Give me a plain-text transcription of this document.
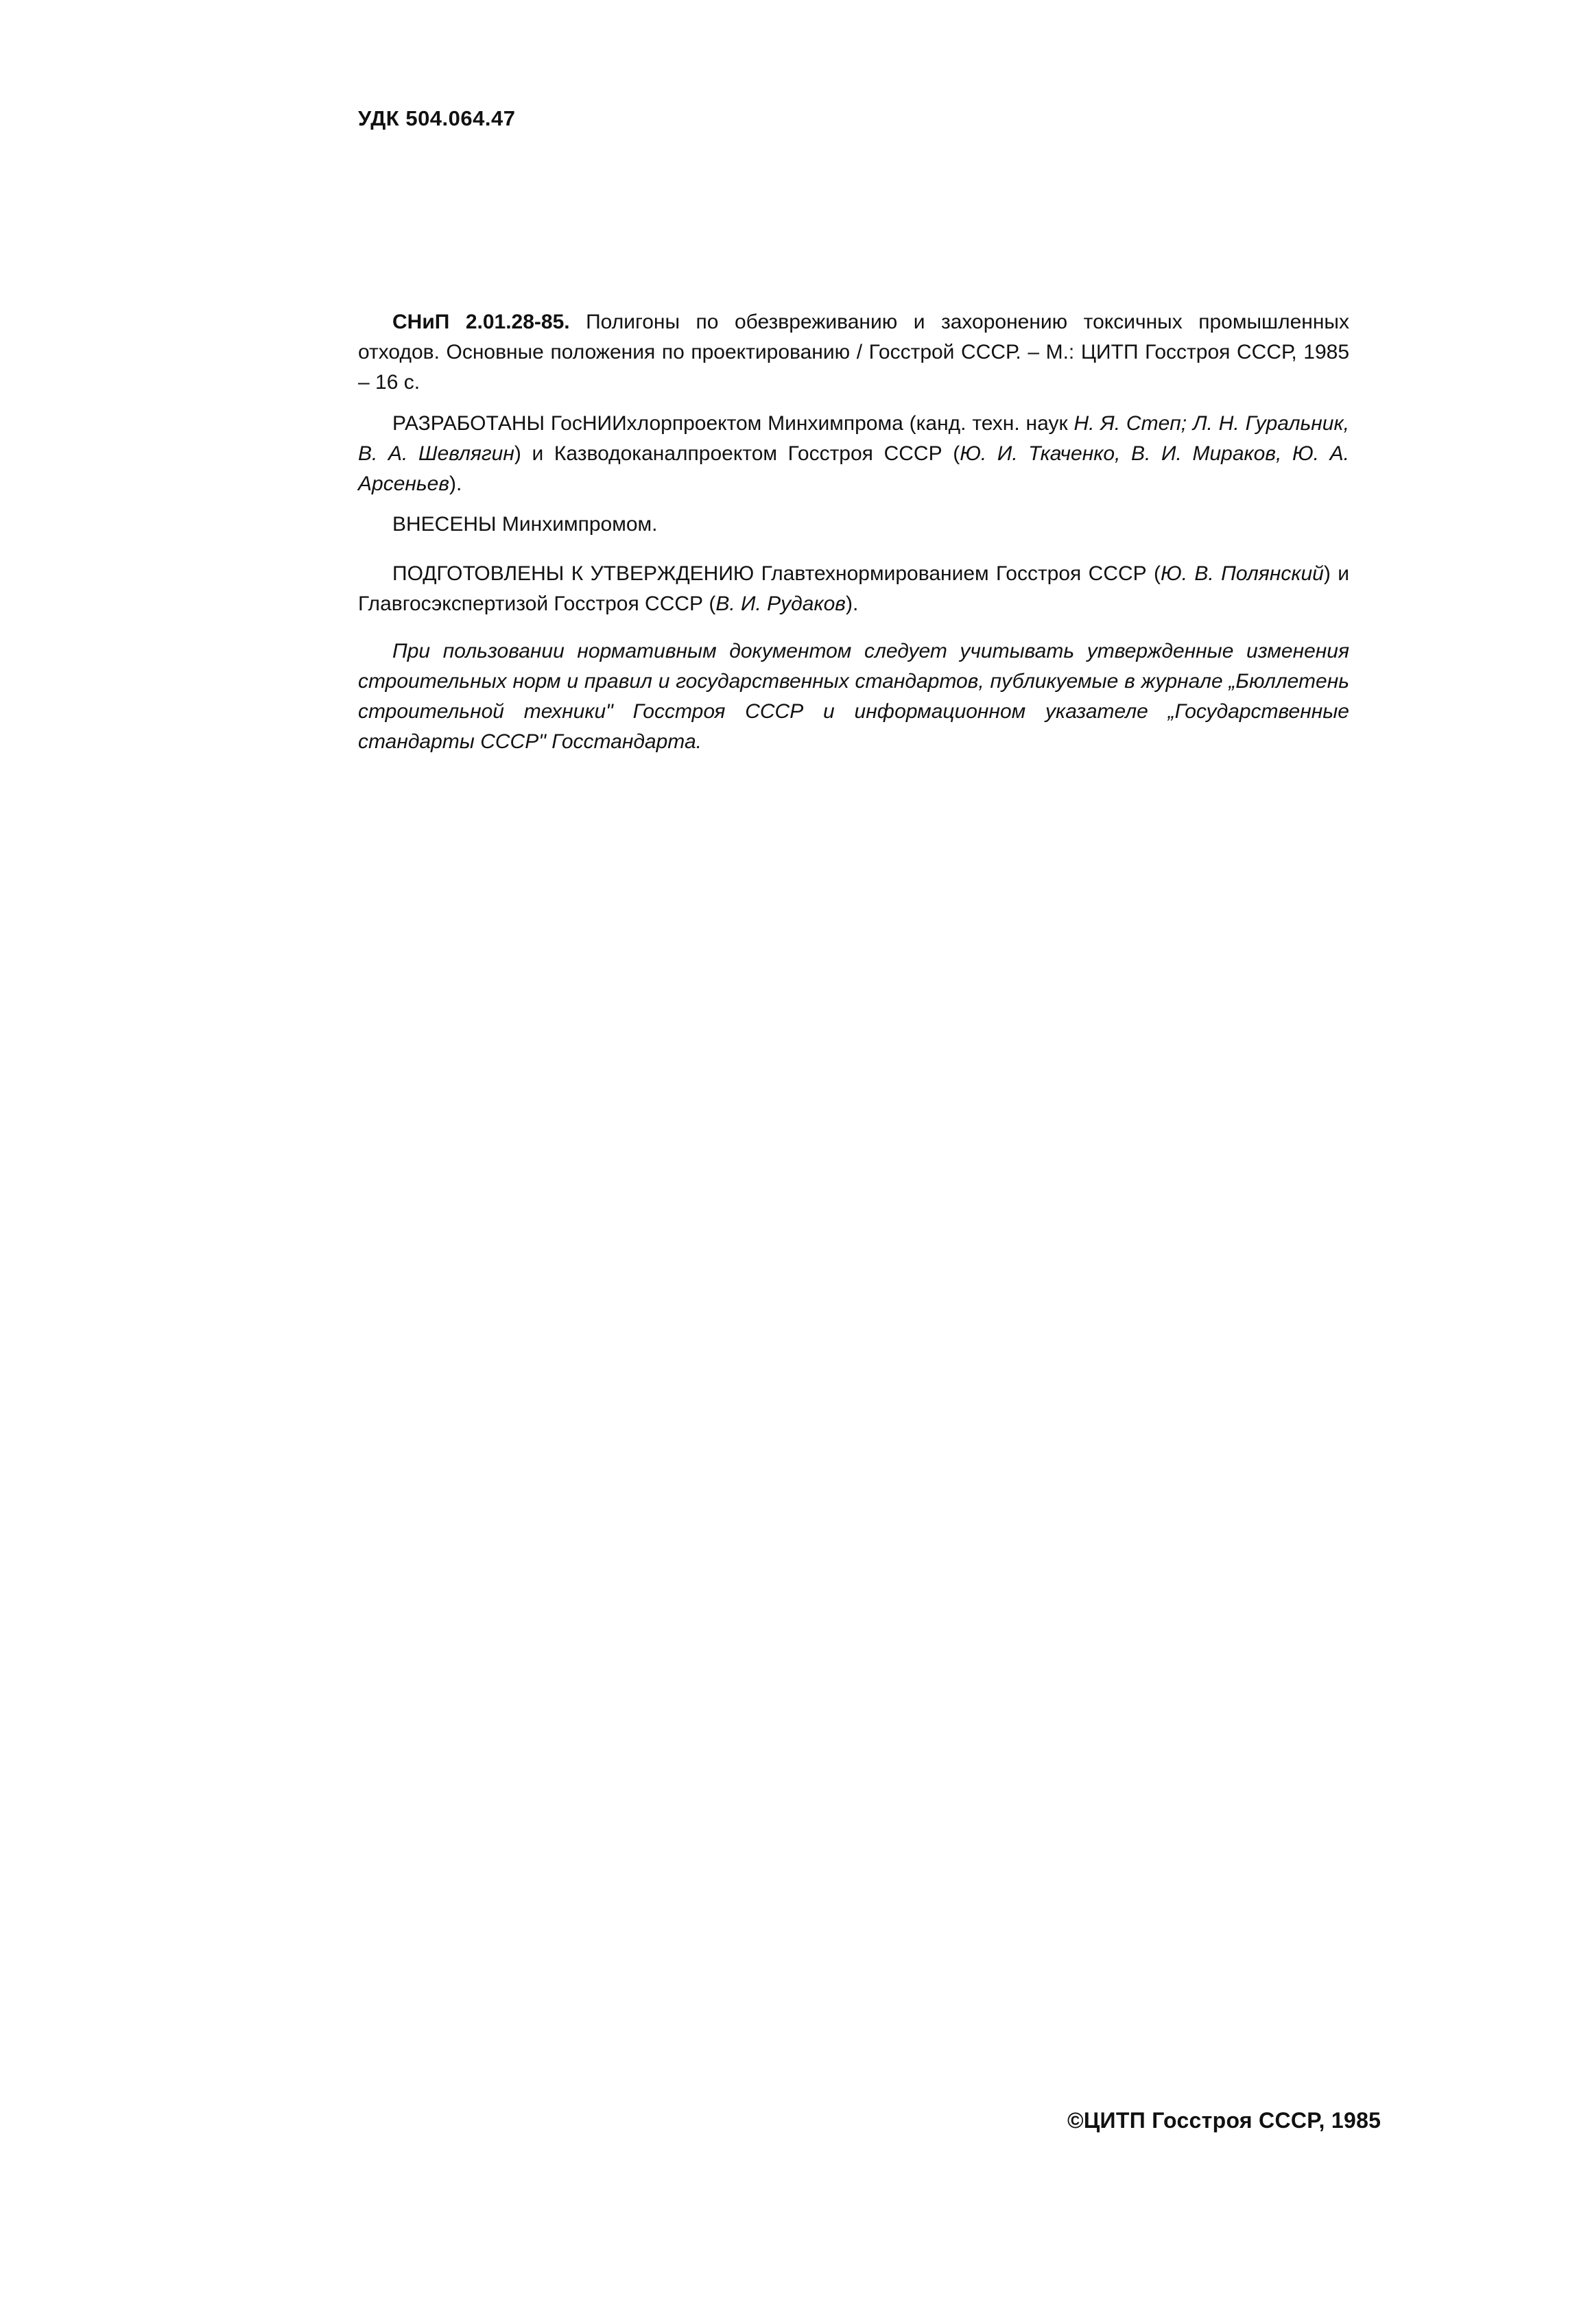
УДК 504.064.47
СНиП 2.01.28-85. Полигоны по обезвреживанию и захоронению токсичных промышленных отходов. Основные положения по проектированию / Госстрой СССР. – М.: ЦИТП Госстроя СССР, 1985 – 16 с.
РАЗРАБОТАНЫ ГосНИИхлорпроектом Минхимпрома (канд. техн. наук Н. Я. Степ; Л. Н. Гуральник, В. А. Шевлягин) и Казводоканалпроектом Госстроя СССР (Ю. И. Ткаченко, В. И. Мираков, Ю. А. Арсеньев).
ВНЕСЕНЫ Минхимпромом.
ПОДГОТОВЛЕНЫ К УТВЕРЖДЕНИЮ Главтехнормированием Госстроя СССР (Ю. В. Полянский) и Главгосэкспертизой Госстроя СССР (В. И. Рудаков).
При пользовании нормативным документом следует учитывать утвержденные изменения строительных норм и правил и государственных стандартов, публикуемые в журнале „Бюллетень строительной техники" Госстроя СССР и информационном указателе „Государственные стандарты СССР" Госстандарта.
©ЦИТП Госстроя СССР, 1985
